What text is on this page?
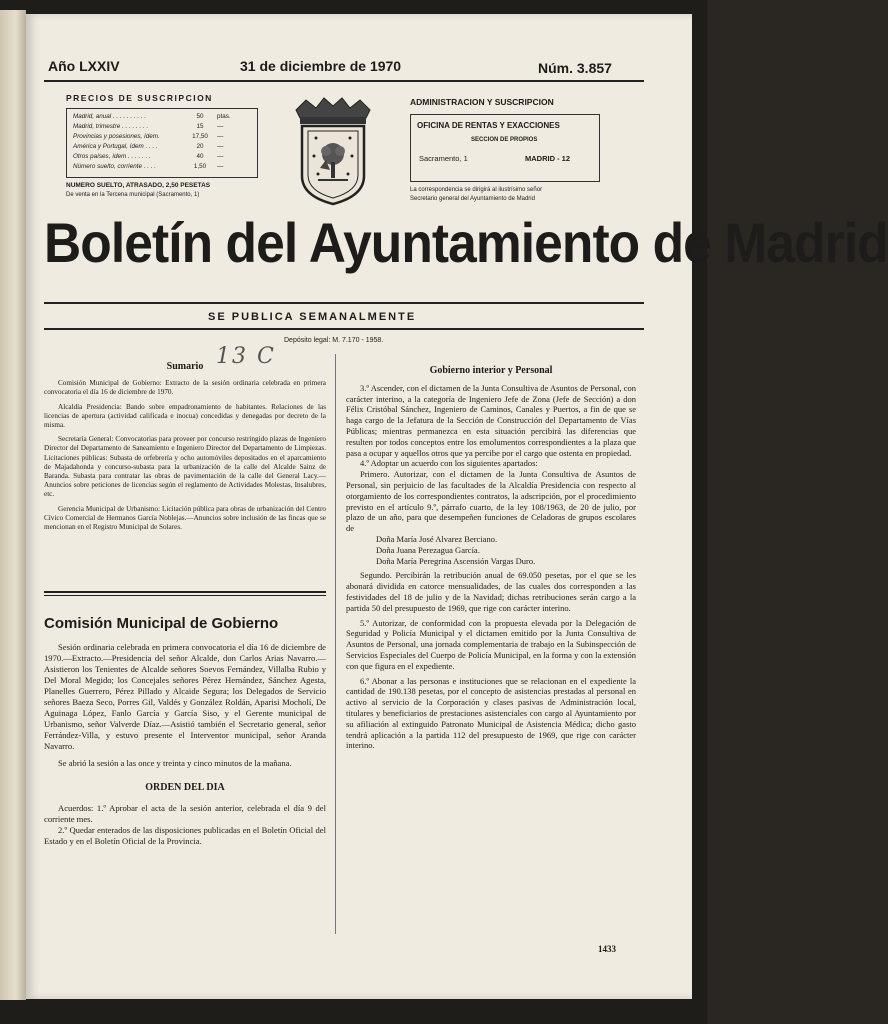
Año LXXIV	31 de diciembre de 1970	Núm. 3.857
PRECIOS DE SUSCRIPCION
Madrid, anual . . . . . . . . . .	50	ptas.
Madrid, trimestre . . . . . . . .	15	—
Provincias y posesiones, ídem.	17,50	—
América y Portugal, ídem . . . .	20	—
Otros países, ídem . . . . . . .	40	—
Número suelto, corriente . . . .	1,50	—
NUMERO SUELTO, ATRASADO, 2,50 PESETAS
De venta en la Tercena municipal (Sacramento, 1)
ADMINISTRACION Y SUSCRIPCION
OFICINA DE RENTAS Y EXACCIONES
SECCION DE PROPIOS
Sacramento, 1	MADRID - 12
La correspondencia se dirigirá al ilustrísimo señor
Secretario general del Ayuntamiento de Madrid
Boletín del Ayuntamiento de Madrid
SE PUBLICA SEMANALMENTE
Depósito legal: M. 7.170 - 1958.
13 C
Sumario

Comisión Municipal de Gobierno: Extracto de la sesión ordinaria celebrada en primera convocatoria el día 16 de diciembre de 1970.

Alcaldía Presidencia: Bando sobre empadronamiento de habitantes. Relaciones de las licencias de apertura (actividad calificada e inocua) concedidas y denegadas por decreto de la misma.

Secretaría General: Convocatorias para proveer por concurso restringido plazas de Ingeniero Director del Departamento de Saneamiento e Ingeniero Director del Departamento de Limpiezas. Licitaciones públicas: Subasta de orfebrería y ocho automóviles depositados en el aparcamiento de Majadahonda y concurso-subasta para la urbanización de la calle del Alcalde Sainz de Baranda. Subasta para contratar las obras de pavimentación de la calle del General Lacy.—Anuncios sobre peticiones de licencias según el reglamento de Actividades Molestas, Insalubres, etc.

Gerencia Municipal de Urbanismo: Licitación pública para obras de urbanización del Centro Cívico Comercial de Hermanos García Noblejas.—Anuncios sobre inclusión de las fincas que se mencionan en el Registro Municipal de Solares.

Comisión Municipal de Gobierno

Sesión ordinaria celebrada en primera convocatoria el día 16 de diciembre de 1970.—Extracto.—Presidencia del señor Alcalde, don Carlos Arias Navarro.—Asistieron los Tenientes de Alcalde señores Soevos Fernández, Villalba Rubio y Del Moral Megido; los Concejales señores Pérez Hernández, Sánchez Agesta, Planelles Guerrero, Pérez Pillado y Alcaide Segura; los Delegados de Servicio señores Baeza Seco, Porres Gil, Valdés y González Roldán, Aparisi Mocholí, De Aguinaga López, Fanlo García y García Siso, y el Gerente municipal de Urbanismo, señor Valverde Díaz.—Asistió también el Secretario general, señor Ferrández-Villa, y estuvo presente el Interventor municipal, señor Aranda Navarro.

Se abrió la sesión a las once y treinta y cinco minutos de la mañana.

ORDEN DEL DIA

Acuerdos: 1.º Aprobar el acta de la sesión anterior, celebrada el día 9 del corriente mes.

2.º Quedar enterados de las disposiciones publicadas en el Boletín Oficial del Estado y en el Boletín Oficial de la Provincia.

Gobierno interior y Personal

3.º Ascender, con el dictamen de la Junta Consultiva de Asuntos de Personal, con carácter interino, a la categoría de Ingeniero Jefe de Zona (Jefe de Sección) a don Félix Cristóbal Sánchez, Ingeniero de Caminos, Canales y Puertos, a fin de que se haga cargo de la Jefatura de la Sección de Construcción del Departamento de Vías Públicas; mientras permanezca en esta situación percibirá las diferencias que resulten por todos conceptos entre los emolumentos correspondientes a la plaza que pasa a ocupar y aquellos otros que ya percibe por el cargo que ostenta en propiedad.

4.º Adoptar un acuerdo con los siguientes apartados:

Primero. Autorizar, con el dictamen de la Junta Consultiva de Asuntos de Personal, sin perjuicio de las facultades de la Alcaldía Presidencia con respecto al otorgamiento de los correspondientes contratos, la adscripción, por el procedimiento previsto en el artículo 9.º, párrafo cuarto, de la ley 108/1963, de 20 de julio, por plazo de un año, para que desempeñen funciones de Celadoras de grupos escolares de

Doña María José Alvarez Berciano.

Doña Juana Perezagua García.

Doña María Peregrina Ascensión Vargas Duro.

Segundo. Percibirán la retribución anual de 69.050 pesetas, por el que se les abonará dividida en catorce mensualidades, de las cuales dos corresponden a las festividades del 18 de julio y de la Navidad; dichas retribuciones serán cargo a la partida 50 del presupuesto de 1969, que rige con carácter interino.

5.º Autorizar, de conformidad con la propuesta elevada por la Delegación de Seguridad y Policía Municipal y el dictamen emitido por la Junta Consultiva de Asuntos de Personal, una jornada complementaria de trabajo en la Subinspección de Servicios Especiales del Cuerpo de Policía Municipal, en la forma y con la extensión con que figura en el expediente.

6.º Abonar a las personas e instituciones que se relacionan en el expediente la cantidad de 190.138 pesetas, por el concepto de asistencias prestadas al personal en activo al servicio de la Corporación y clases pasivas de Administración local, titulares y beneficiarios de prestaciones asistenciales con cargo al Ayuntamiento por su afiliación al extinguido Patronato Municipal de Asistencia Médica; dicho gasto tendrá aplicación a la partida 112 del presupuesto de 1969, que rige con carácter interino.

1433
